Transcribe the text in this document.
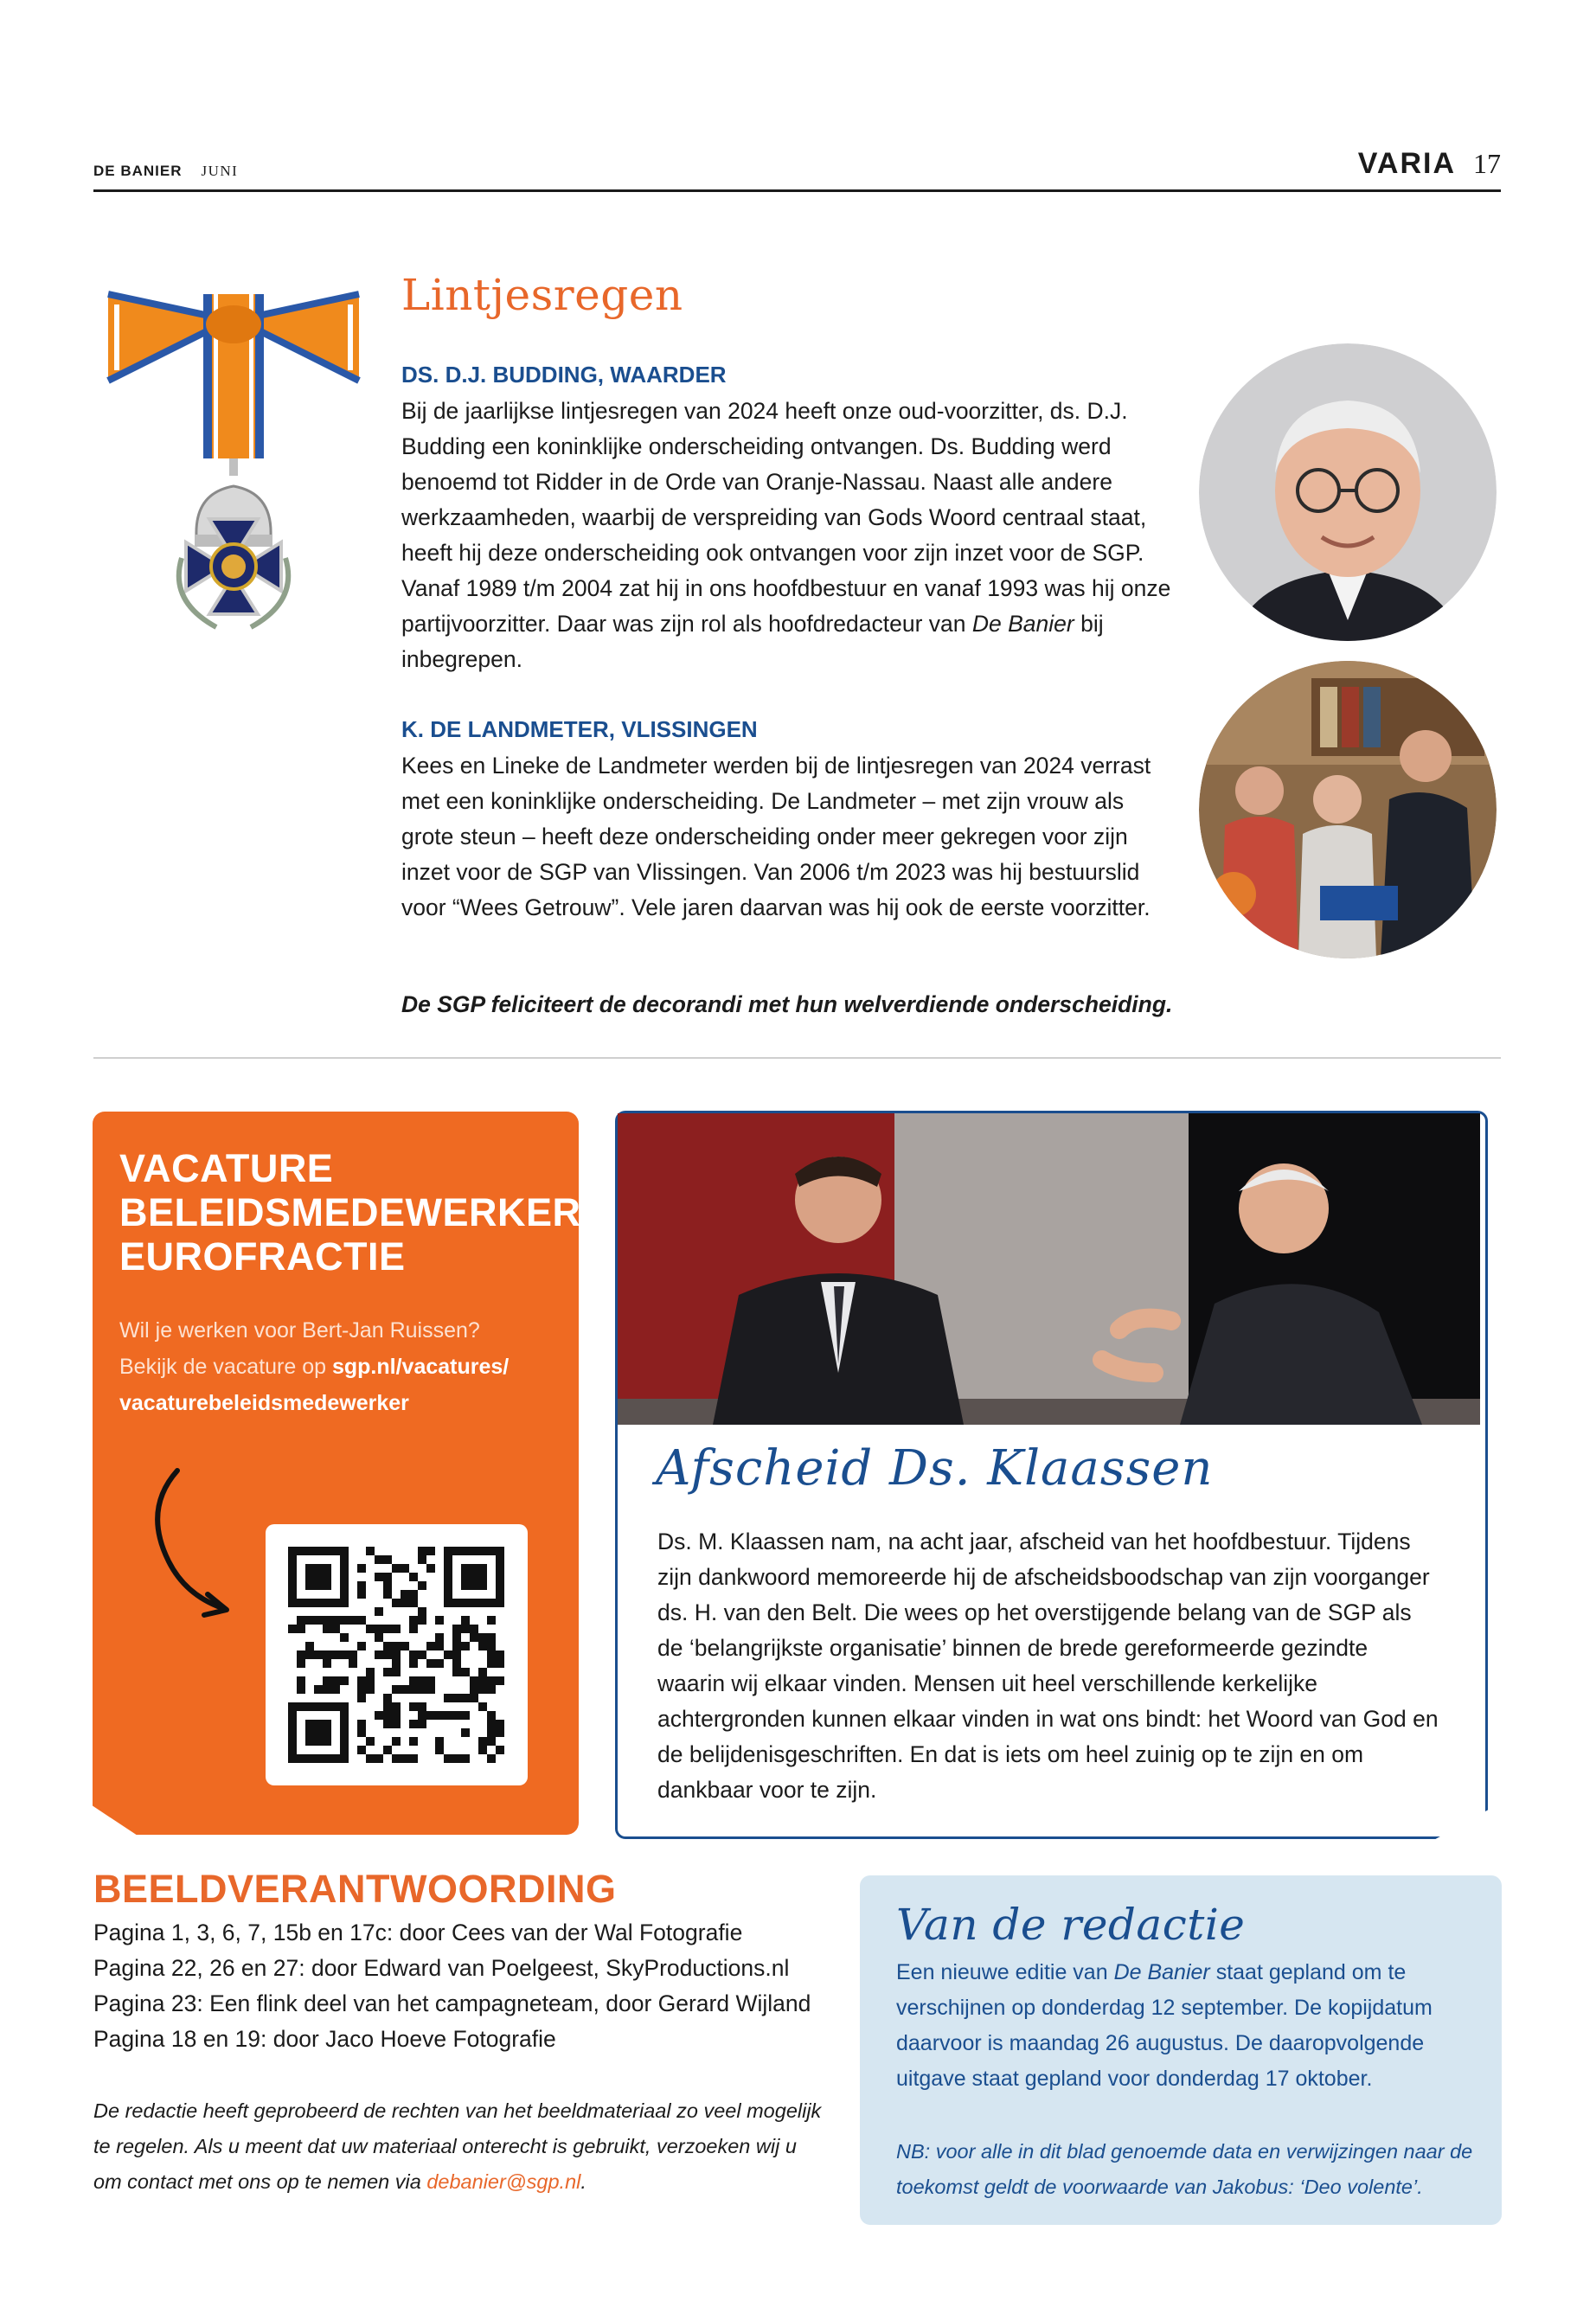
DE BANIER JUNI	VARIA 17
Lintjesregen
DS. D.J. BUDDING, WAARDER
Bij de jaarlijkse lintjesregen van 2024 heeft onze oud-voorzitter, ds. D.J. Budding een koninklijke onderscheiding ontvangen. Ds. Budding werd benoemd tot Ridder in de Orde van Oranje-Nassau. Naast alle andere werkzaamheden, waarbij de verspreiding van Gods Woord centraal staat, heeft hij deze onderscheiding ook ontvangen voor zijn inzet voor de SGP. Vanaf 1989 t/m 2004 zat hij in ons hoofdbestuur en vanaf 1993 was hij onze partijvoorzitter. Daar was zijn rol als hoofdredacteur van De Banier bij inbegrepen.
K. DE LANDMETER, VLISSINGEN
Kees en Lineke de Landmeter werden bij de lintjesregen van 2024 verrast met een koninklijke onderscheiding. De Landmeter – met zijn vrouw als grote steun – heeft deze onderscheiding onder meer gekregen voor zijn inzet voor de SGP van Vlissingen. Van 2006 t/m 2023 was hij bestuurslid voor “Wees Getrouw”. Vele jaren daarvan was hij ook de eerste voorzitter.
De SGP feliciteert de decorandi met hun welverdiende onderscheiding.
VACATURE
BELEIDSMEDEWERKER
EUROFRACTIE
Wil je werken voor Bert-Jan Ruissen?
Bekijk de vacature op sgp.nl/vacatures/
vacaturebeleidsmedewerker
Afscheid Ds. Klaassen
Ds. M. Klaassen nam, na acht jaar, afscheid van het hoofdbestuur. Tijdens zijn dankwoord memoreerde hij de afscheidsboodschap van zijn voorganger ds. H. van den Belt. Die wees op het overstijgende belang van de SGP als de ‘belangrijkste organisatie’ binnen de brede gereformeerde gezindte waarin wij elkaar vinden. Mensen uit heel verschillende kerkelijke achtergronden kunnen elkaar vinden in wat ons bindt: het Woord van God en de belijdenisgeschriften. En dat is iets om heel zuinig op te zijn en om dankbaar voor te zijn.
BEELDVERANTWOORDING
Pagina 1, 3, 6, 7, 15b en 17c: door Cees van der Wal Fotografie
Pagina 22, 26 en 27: door Edward van Poelgeest, SkyProductions.nl
Pagina 23: Een flink deel van het campagneteam, door Gerard Wijland
Pagina 18 en 19: door Jaco Hoeve Fotografie
De redactie heeft geprobeerd de rechten van het beeldmateriaal zo veel mogelijk te regelen. Als u meent dat uw materiaal onterecht is gebruikt, verzoeken wij u om contact met ons op te nemen via debanier@sgp.nl.
Van de redactie
Een nieuwe editie van De Banier staat gepland om te verschijnen op donderdag 12 september. De kopijdatum daarvoor is maandag 26 augustus. De daaropvolgende uitgave staat gepland voor donderdag 17 oktober.
NB: voor alle in dit blad genoemde data en verwijzingen naar de toekomst geldt de voorwaarde van Jakobus: ‘Deo volente’.
